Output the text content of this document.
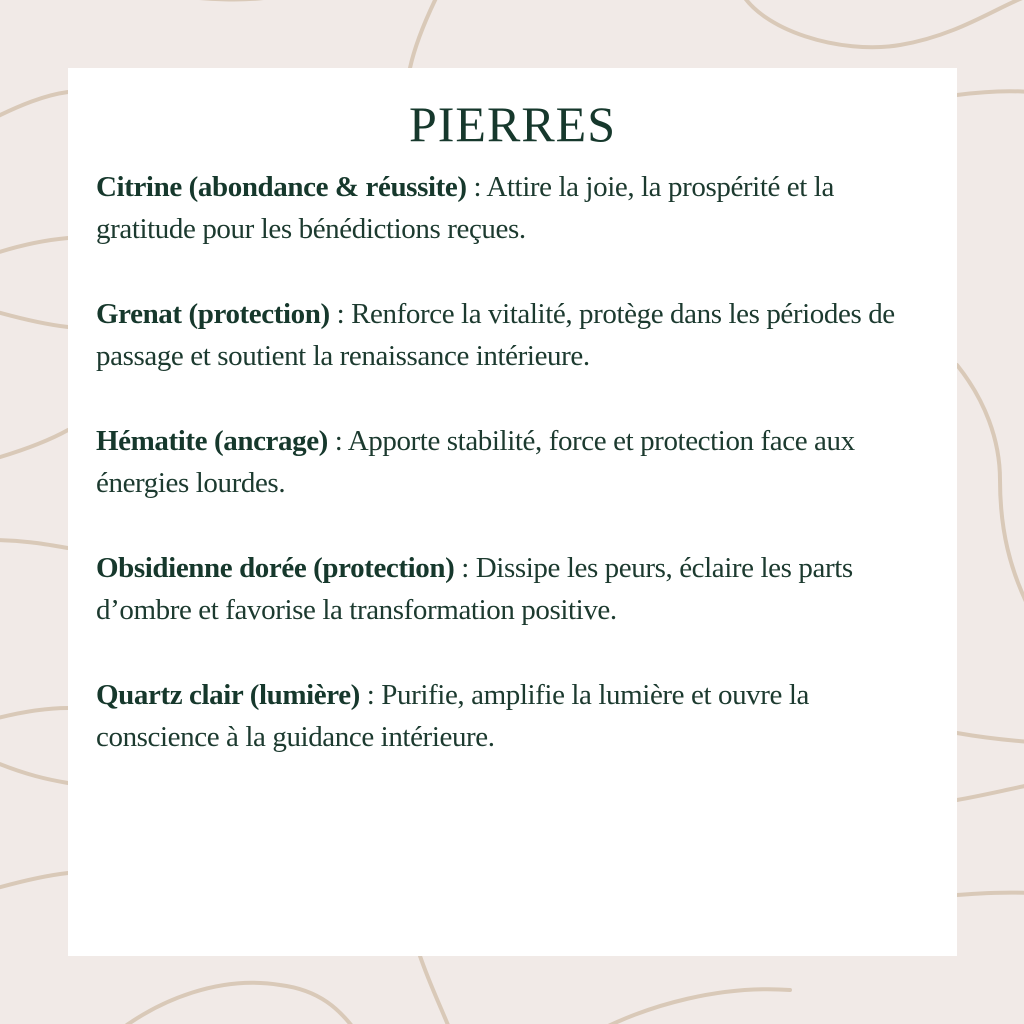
PIERRES

Citrine (abondance & réussite) : Attire la joie, la prospérité et la gratitude pour les bénédictions reçues.

Grenat (protection) : Renforce la vitalité, protège dans les périodes de passage et soutient la renaissance intérieure.

Hématite (ancrage) : Apporte stabilité, force et protection face aux énergies lourdes.

Obsidienne dorée (protection) : Dissipe les peurs, éclaire les parts d’ombre et favorise la transformation positive.

Quartz clair (lumière) : Purifie, amplifie la lumière et ouvre la conscience à la guidance intérieure.
